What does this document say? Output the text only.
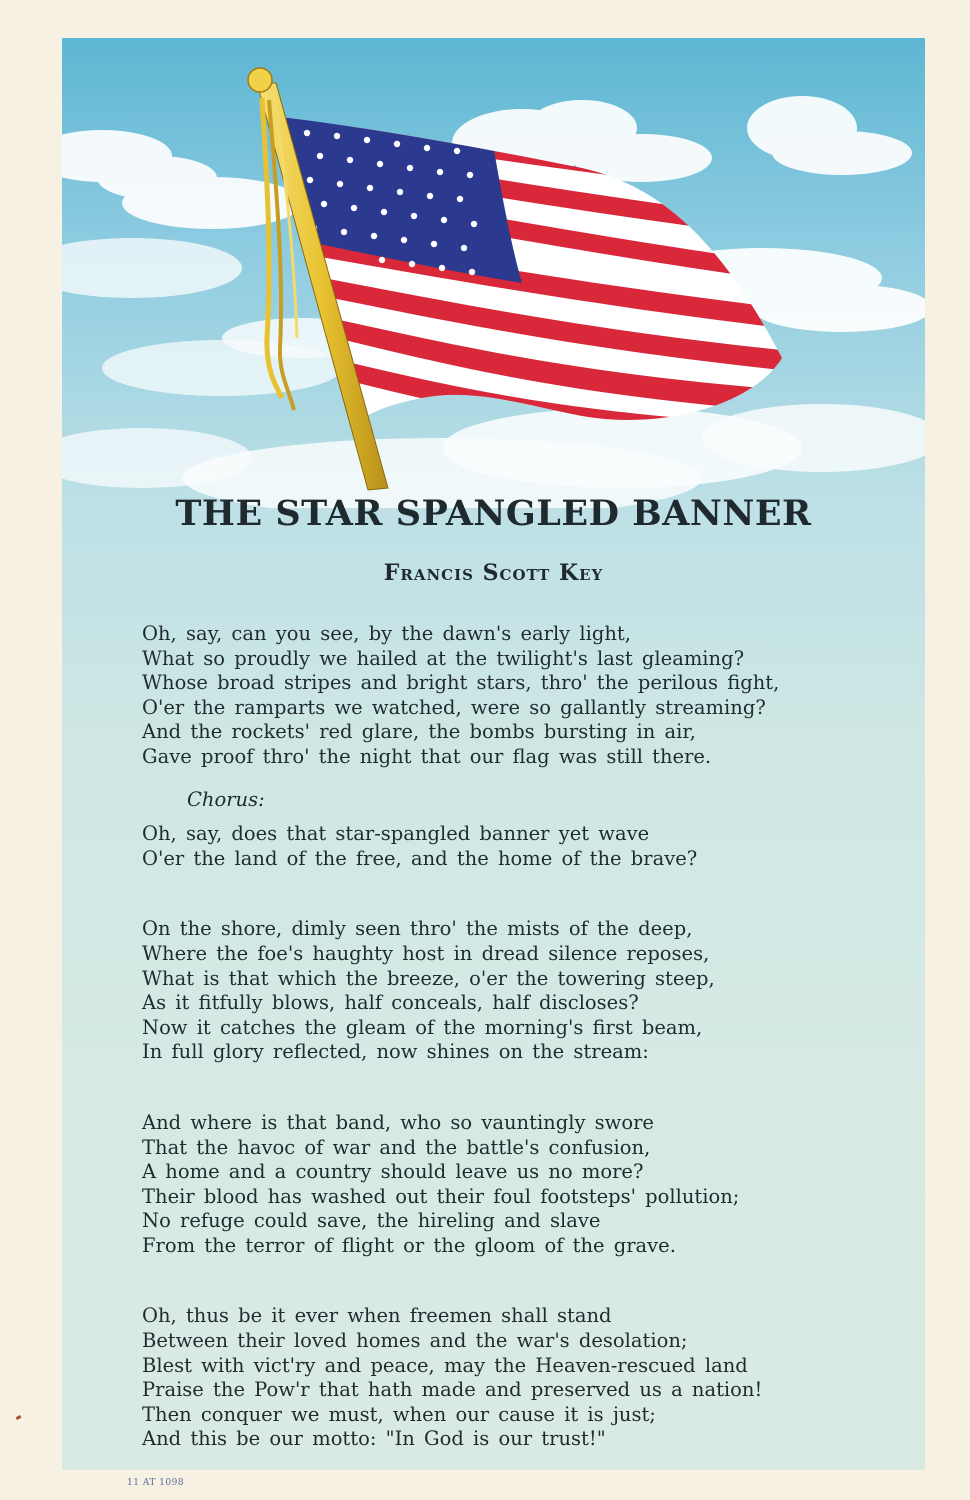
THE STAR SPANGLED BANNER
Francis Scott Key
Oh, say, can you see, by the dawn's early light,
What so proudly we hailed at the twilight's last gleaming?
Whose broad stripes and bright stars, thro' the perilous fight,
O'er the ramparts we watched, were so gallantly streaming?
And the rockets' red glare, the bombs bursting in air,
Gave proof thro' the night that our flag was still there.
Chorus:
Oh, say, does that star-spangled banner yet wave
O'er the land of the free, and the home of the brave?
On the shore, dimly seen thro' the mists of the deep,
Where the foe's haughty host in dread silence reposes,
What is that which the breeze, o'er the towering steep,
As it fitfully blows, half conceals, half discloses?
Now it catches the gleam of the morning's first beam,
In full glory reflected, now shines on the stream:
And where is that band, who so vauntingly swore
That the havoc of war and the battle's confusion,
A home and a country should leave us no more?
Their blood has washed out their foul footsteps' pollution;
No refuge could save, the hireling and slave
From the terror of flight or the gloom of the grave.
Oh, thus be it ever when freemen shall stand
Between their loved homes and the war's desolation;
Blest with vict'ry and peace, may the Heaven-rescued land
Praise the Pow'r that hath made and preserved us a nation!
Then conquer we must, when our cause it is just;
And this be our motto: "In God is our trust!"
11 AT 1098
